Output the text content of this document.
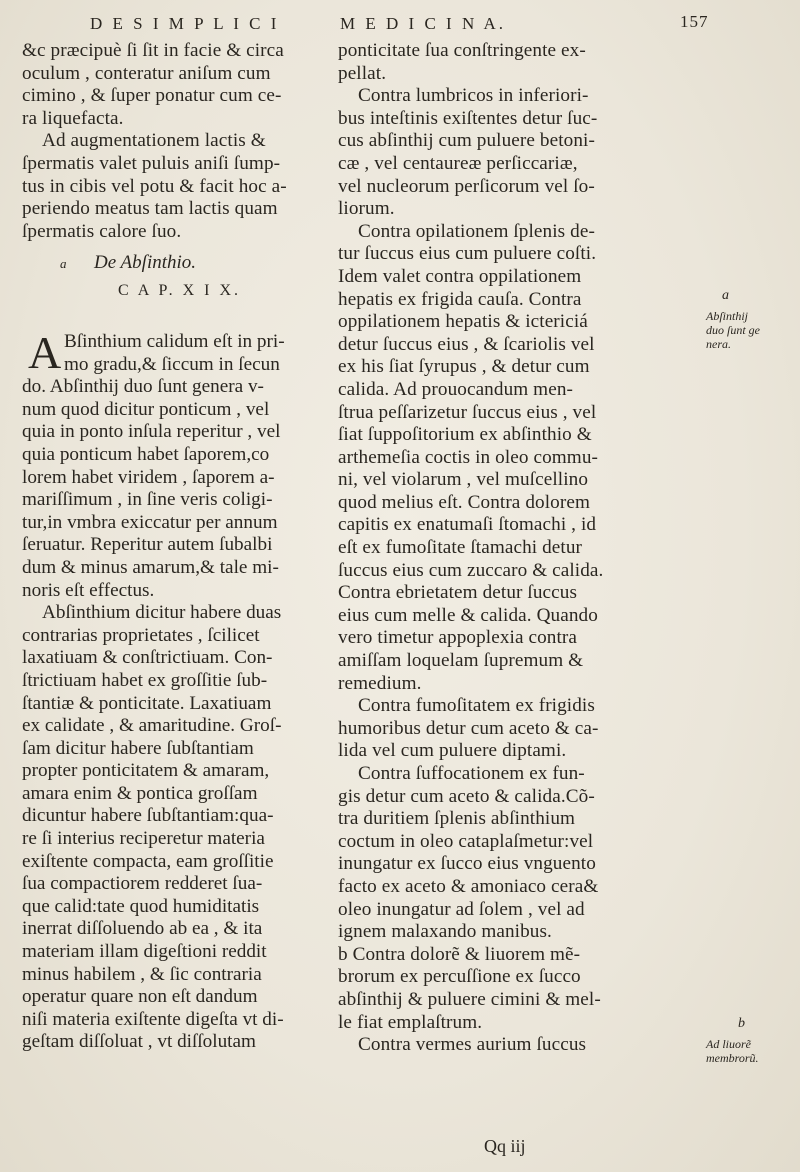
D E S I M P L I C I	M E D I C I N A.	157
&c præcipuè ſi ſit in facie & circa
oculum , conteratur aniſum cum
cimino , & ſuper ponatur cum ce-
ra liquefacta.
Ad augmentationem lactis &
ſpermatis valet puluis aniſi ſump-
tus in cibis vel potu & facit hoc a-
periendo meatus tam lactis quam
ſpermatis calore ſuo.
a De Abſinthio.
C A P. X I X.
A Bſinthium calidum eſt in pri-
mo gradu,& ſiccum in ſecun
do. Abſinthij duo ſunt genera v-
num quod dicitur ponticum , vel
quia in ponto inſula reperitur , vel
quia ponticum habet ſaporem,co
lorem habet viridem , ſaporem a-
mariſſimum , in ſine veris coligi-
tur,in vmbra exiccatur per annum
ſeruatur. Reperitur autem ſubalbi
dum & minus amarum,& tale mi-
noris eſt effectus.
Abſinthium dicitur habere duas
contrarias proprietates , ſcilicet
laxatiuam & conſtrictiuam. Con-
ſtrictiuam habet ex groſſitie ſub-
ſtantiæ & ponticitate. Laxatiuam
ex calidate , & amaritudine. Groſ-
ſam dicitur habere ſubſtantiam
propter ponticitatem & amaram,
amara enim & pontica groſſam
dicuntur habere ſubſtantiam:qua-
re ſi interius reciperetur materia
exiſtente compacta, eam groſſitie
ſua compactiorem redderet ſua-
que calid:tate quod humiditatis
inerrat diſſoluendo ab ea , & ita
materiam illam digeſtioni reddit
minus habilem , & ſic contraria
operatur quare non eſt dandum
niſi materia exiſtente digeſta vt di-
geſtam diſſoluat , vt diſſolutam
ponticitate ſua conſtringente ex-
pellat.
Contra lumbricos in inferiori-
bus inteſtinis exiſtentes detur ſuc-
cus abſinthij cum puluere betoni-
cæ , vel centaureæ perſiccariæ,
vel nucleorum perſicorum vel ſo-
liorum.
Contra opilationem ſplenis de-
tur ſuccus eius cum puluere coſti.
Idem valet contra oppilationem
hepatis ex frigida cauſa. Contra
oppilationem hepatis & ictericiá
detur ſuccus eius , & ſcariolis vel
ex his ſiat ſyrupus , & detur cum
calida. Ad prouocandum men-
ſtrua peſſarizetur ſuccus eius , vel
ſiat ſuppoſitorium ex abſinthio &
arthemeſia coctis in oleo commu-
ni, vel violarum , vel muſcellino
quod melius eſt. Contra dolorem
capitis ex enatumaſi ſtomachi , id
eſt ex fumoſitate ſtamachi detur
ſuccus eius cum zuccaro & calida.
Contra ebrietatem detur ſuccus
eius cum melle & calida. Quando
vero timetur appoplexia contra
amiſſam loquelam ſupremum &
remedium.
Contra fumoſitatem ex frigidis
humoribus detur cum aceto & ca-
lida vel cum puluere diptami.
Contra ſuffocationem ex fun-
gis detur cum aceto & calida.Cõ-
tra duritiem ſplenis abſinthium
coctum in oleo cataplaſmetur:vel
inungatur ex ſucco eius vnguento
facto ex aceto & amoniaco cera&
oleo inungatur ad ſolem , vel ad
ignem malaxando manibus.
b Contra dolorẽ & liuorem mẽ-
brorum ex percuſſione ex ſucco
abſinthij & puluere cimini & mel-
le fiat emplaſtrum.
Contra vermes aurium ſuccus
a
Abſinthij
duo ſunt ge
nera.
b
Ad liuorẽ
membrorũ.
Qq iij
